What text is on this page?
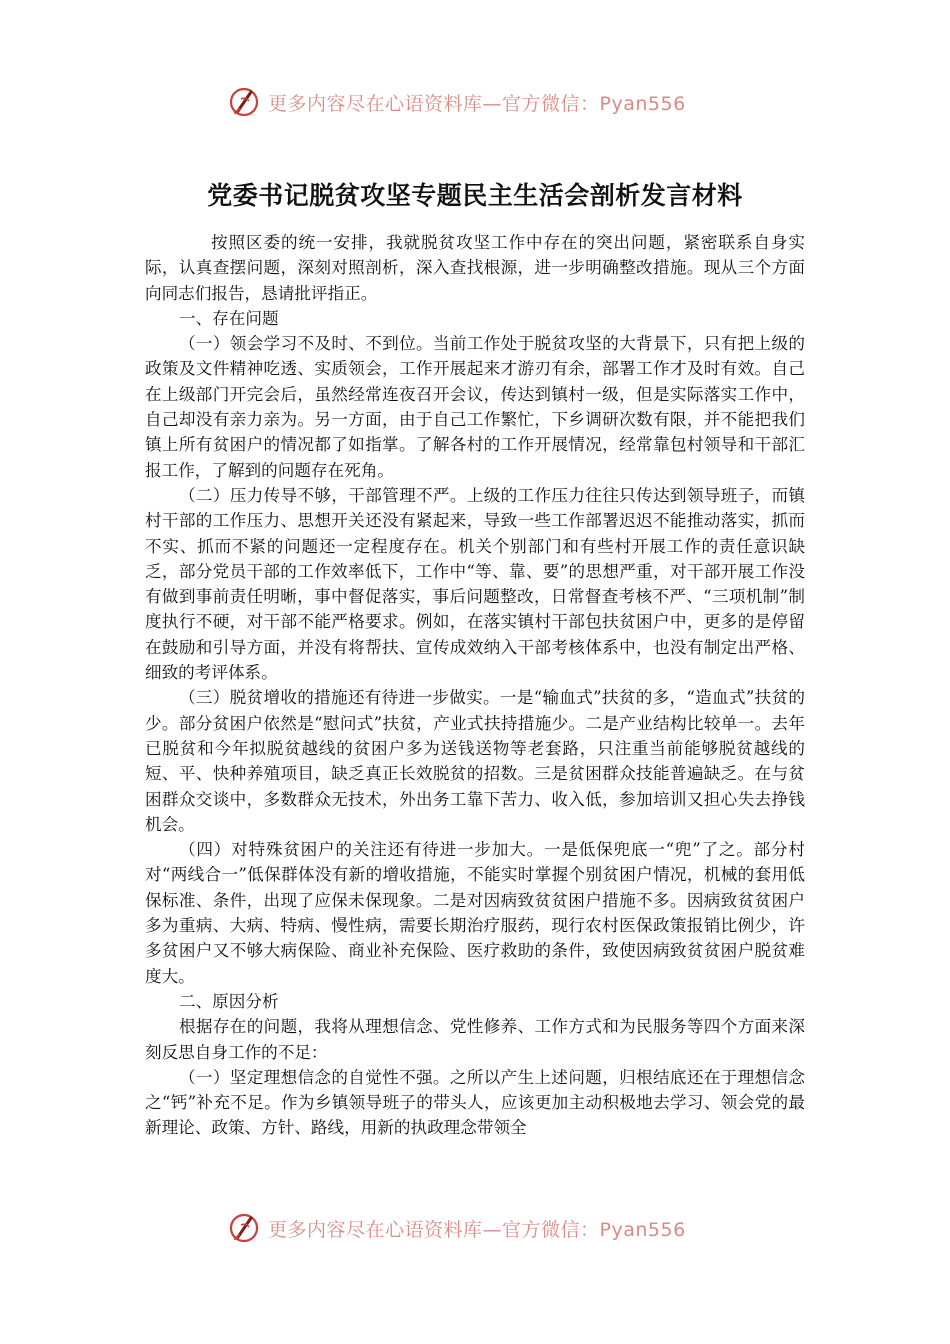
更多内容尽在心语资料库—官方微信：Pyan556
党委书记脱贫攻坚专题民主生活会剖析发言材料

按照区委的统一安排，我就脱贫攻坚工作中存在的突出问题，紧密联系自身实际，认真查摆问题，深刻对照剖析，深入查找根源，进一步明确整改措施。现从三个方面向同志们报告，恳请批评指正。

一、存在问题

（一）领会学习不及时、不到位。当前工作处于脱贫攻坚的大背景下，只有把上级的政策及文件精神吃透、实质领会，工作开展起来才游刃有余，部署工作才及时有效。自己在上级部门开完会后，虽然经常连夜召开会议，传达到镇村一级，但是实际落实工作中，自己却没有亲力亲为。另一方面，由于自己工作繁忙，下乡调研次数有限，并不能把我们镇上所有贫困户的情况都了如指掌。了解各村的工作开展情况，经常靠包村领导和干部汇报工作，了解到的问题存在死角。

（二）压力传导不够，干部管理不严。上级的工作压力往往只传达到领导班子，而镇村干部的工作压力、思想开关还没有紧起来，导致一些工作部署迟迟不能推动落实，抓而不实、抓而不紧的问题还一定程度存在。机关个别部门和有些村开展工作的责任意识缺乏，部分党员干部的工作效率低下，工作中“等、靠、要”的思想严重，对干部开展工作没有做到事前责任明晰，事中督促落实，事后问题整改，日常督查考核不严、“三项机制”制度执行不硬，对干部不能严格要求。例如，在落实镇村干部包扶贫困户中，更多的是停留在鼓励和引导方面，并没有将帮扶、宣传成效纳入干部考核体系中，也没有制定出严格、细致的考评体系。

（三）脱贫增收的措施还有待进一步做实。一是“输血式”扶贫的多，“造血式”扶贫的少。部分贫困户依然是“慰问式”扶贫，产业式扶持措施少。二是产业结构比较单一。去年已脱贫和今年拟脱贫越线的贫困户多为送钱送物等老套路，只注重当前能够脱贫越线的短、平、快种养殖项目，缺乏真正长效脱贫的招数。三是贫困群众技能普遍缺乏。在与贫困群众交谈中，多数群众无技术，外出务工靠下苦力、收入低，参加培训又担心失去挣钱机会。

（四）对特殊贫困户的关注还有待进一步加大。一是低保兜底一“兜”了之。部分村对“两线合一”低保群体没有新的增收措施，不能实时掌握个别贫困户情况，机械的套用低保标准、条件，出现了应保未保现象。二是对因病致贫贫困户措施不多。因病致贫贫困户多为重病、大病、特病、慢性病，需要长期治疗服药，现行农村医保政策报销比例少，许多贫困户又不够大病保险、商业补充保险、医疗救助的条件，致使因病致贫贫困户脱贫难度大。

二、原因分析

根据存在的问题，我将从理想信念、党性修养、工作方式和为民服务等四个方面来深刻反思自身工作的不足：

（一）坚定理想信念的自觉性不强。之所以产生上述问题，归根结底还在于理想信念之“钙”补充不足。作为乡镇领导班子的带头人，应该更加主动积极地去学习、领会党的最新理论、政策、方针、路线，用新的执政理念带领全

更多内容尽在心语资料库—官方微信：Pyan556
